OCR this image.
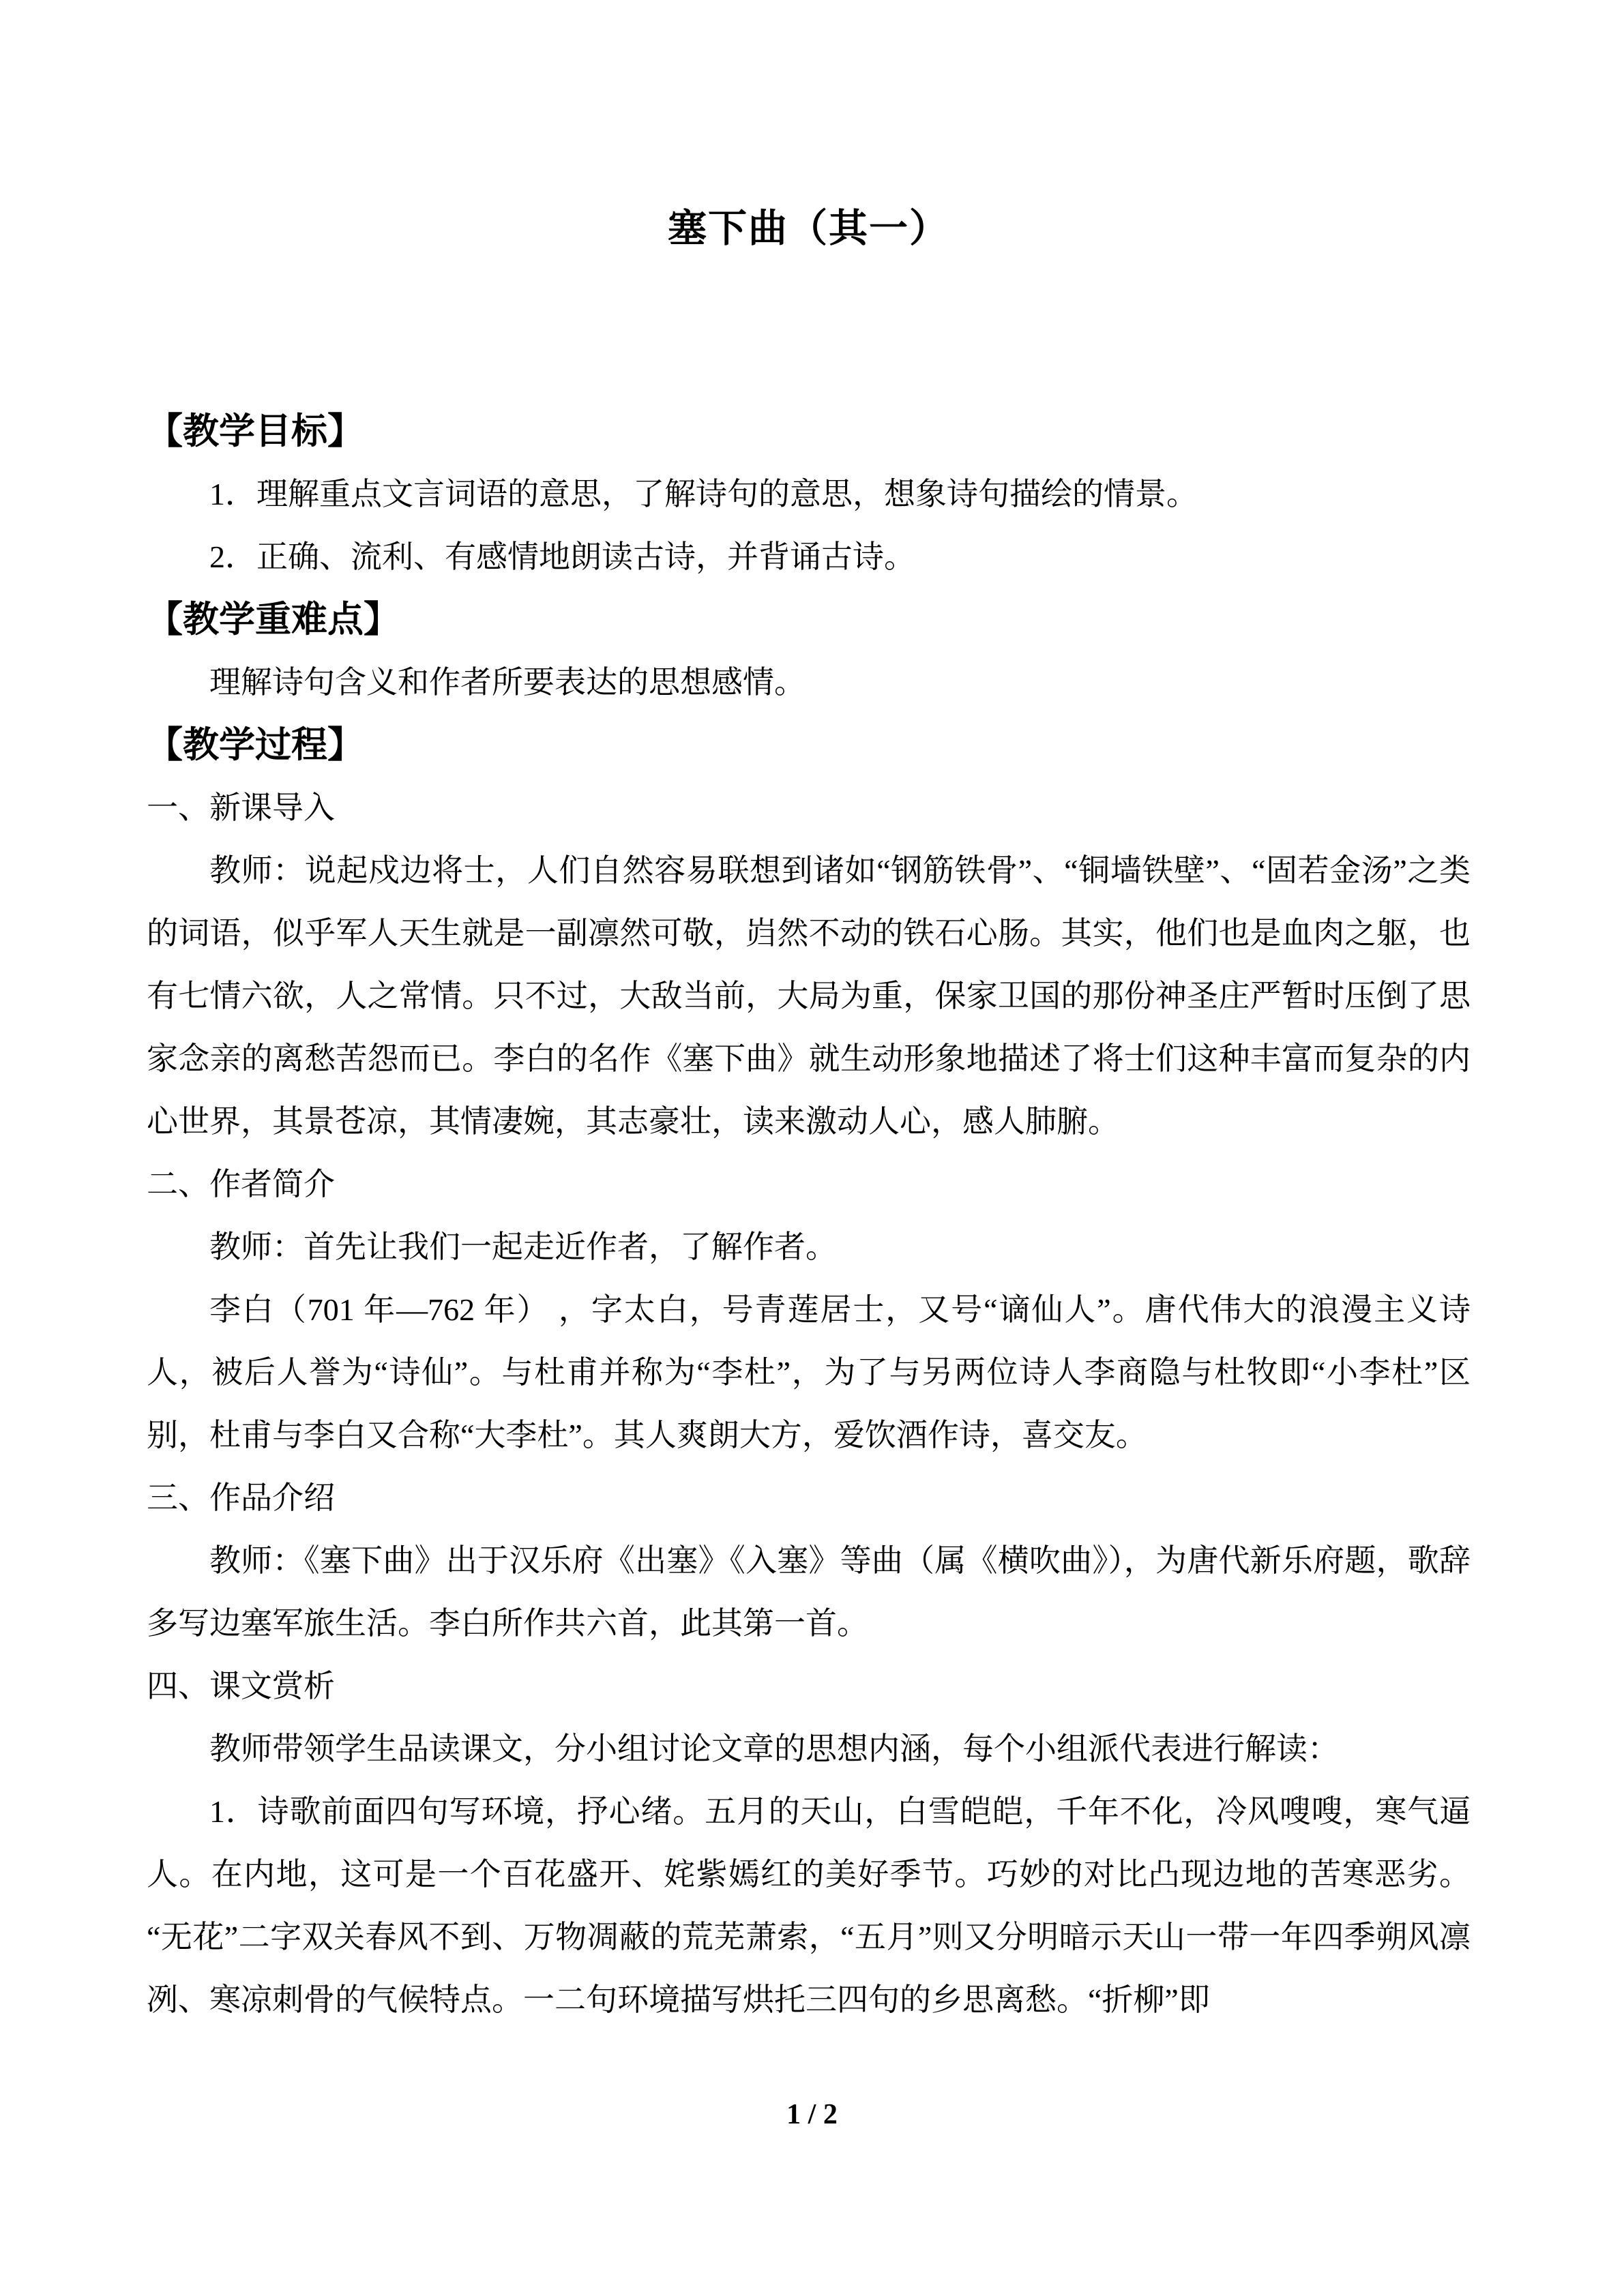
塞下曲（其一）
【教学目标】

1．理解重点文言词语的意思，了解诗句的意思，想象诗句描绘的情景。

2．正确、流利、有感情地朗读古诗，并背诵古诗。

【教学重难点】

理解诗句含义和作者所要表达的思想感情。

【教学过程】

一、新课导入

教师：说起戍边将士，人们自然容易联想到诸如“钢筋铁骨”、“铜墙铁壁”、“固若金汤”之类的词语，似乎军人天生就是一副凛然可敬，岿然不动的铁石心肠。其实，他们也是血肉之躯，也有七情六欲，人之常情。只不过，大敌当前，大局为重，保家卫国的那份神圣庄严暂时压倒了思家念亲的离愁苦怨而已。李白的名作《塞下曲》就生动形象地描述了将士们这种丰富而复杂的内心世界，其景苍凉，其情凄婉，其志豪壮，读来激动人心，感人肺腑。

二、作者简介

教师：首先让我们一起走近作者，了解作者。

李白（701 年—762 年） ，字太白，号青莲居士，又号“谪仙人”。唐代伟大的浪漫主义诗人，被后人誉为“诗仙”。与杜甫并称为“李杜”，为了与另两位诗人李商隐与杜牧即“小李杜”区别，杜甫与李白又合称“大李杜”。其人爽朗大方，爱饮酒作诗，喜交友。

三、作品介绍

教师：《塞下曲》出于汉乐府《出塞》《入塞》等曲（属《横吹曲》），为唐代新乐府题，歌辞多写边塞军旅生活。李白所作共六首，此其第一首。

四、课文赏析

教师带领学生品读课文，分小组讨论文章的思想内涵，每个小组派代表进行解读：

1．诗歌前面四句写环境，抒心绪。五月的天山，白雪皑皑，千年不化，冷风嗖嗖，寒气逼人。在内地，这可是一个百花盛开、姹紫嫣红的美好季节。巧妙的对比凸现边地的苦寒恶劣。“无花”二字双关春风不到、万物凋蔽的荒芜萧索，“五月”则又分明暗示天山一带一年四季朔风凛冽、寒凉刺骨的气候特点。一二句环境描写烘托三四句的乡思离愁。“折柳”即

1 / 2
